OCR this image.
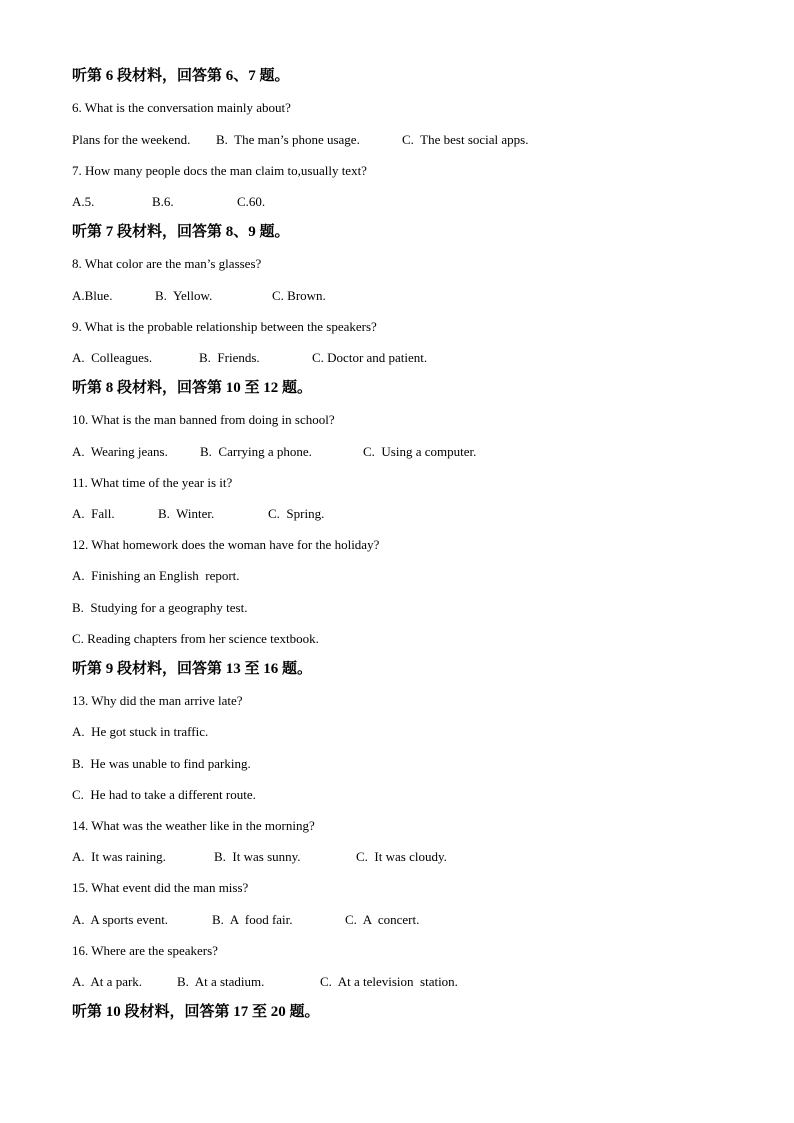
听第 6 段材料，回答第 6、7 题。
6. What is the conversation mainly about?
Plans for the weekend. B.  The man’s phone usage.	C.  The best social apps.
7. How many people docs the man claim to,usually text?
A.5.	B.6.	C.60.
听第 7 段材料，回答第 8、9 题。
8. What color are the man’s glasses?
A.Blue.	B.  Yellow.	C. Brown.
9. What is the probable relationship between the speakers?
A.  Colleagues.	B.  Friends.	C. Doctor and patient.
听第 8 段材料，回答第 10 至 12 题。
10. What is the man banned from doing in school?
A.  Wearing jeans. B.  Carrying a phone.	C.  Using a computer.
11. What time of the year is it?
A.  Fall.	B.  Winter.	C.  Spring.
12. What homework does the woman have for the holiday?
A.  Finishing an English  report.
B.  Studying for a geography test.
C. Reading chapters from her science textbook.
听第 9 段材料，回答第 13 至 16 题。
13. Why did the man arrive late?
A.  He got stuck in traffic.
B.  He was unable to find parking.
C.  He had to take a different route.
14. What was the weather like in the morning?
A.  It was raining.	B.  It was sunny.	C.  It was cloudy.
15. What event did the man miss?
A.  A sports event.	B.  A  food fair.	C.  A  concert.
16. Where are the speakers?
A.  At a park.	B.  At a stadium.	C.  At a television  station.
听第 10 段材料，回答第 17 至 20 题。
